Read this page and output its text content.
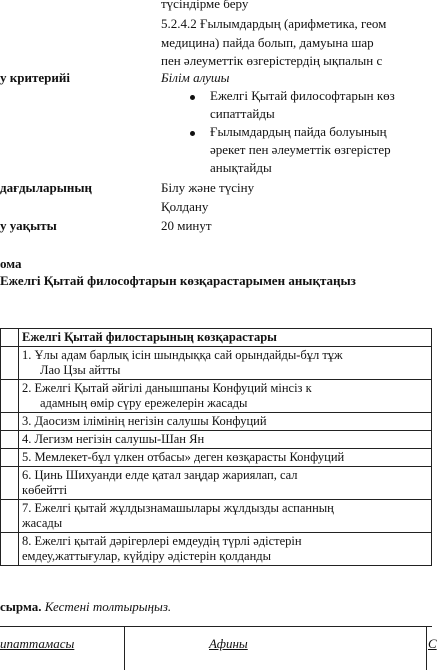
түсіндірме беру
5.2.4.2 Ғылымдардың (арифметика, геом
медицина) пайда болып, дамуына шар
пен әлеуметтік өзгерістердің ықпалын с
у критерийі	Білім алушы
Ежелгі Қытай философтарын көз
сипаттайды
Ғылымдардың пайда болуының
әрекет пен әлеуметтік өзгерістер
анықтайды
дағдыларының	Білу және түсіну
Қолдану
у уақыты	20 минут
ома
Ежелгі Қытай философтарын көзқарастарымен анықтаңыз
	Ежелгі Қытай филостарының көзқарастары

	1. Ұлы адам барлық ісін шындыққа сай орындайды-бұл тұж
Лао Цзы айтты

	2. Ежелгі Қытай әйгілі данышпаны Конфуций мінсіз к
адамның өмір сүру ережелерін жасады

	3. Даосизм ілімінің негізін салушы Конфуций

	4. Легизм негізін салушы-Шан Ян

	5. Мемлекет-бұл үлкен отбасы» деген көзқарасты Конфуций

	6. Цинь Шихуанди елде қатал заңдар жариялап, сал
көбейтті

	7. Ежелгі қытай жұлдызнамашылары жұлдызды аспанның
жасады

	8. Ежелгі қытай дәрігерлері емдеудің түрлі әдістерін
емдеу,жаттығулар, күйдіру әдістерін қолданды
сырма. Кестені толтырыңыз.
ипаттамасы	Афины	С
